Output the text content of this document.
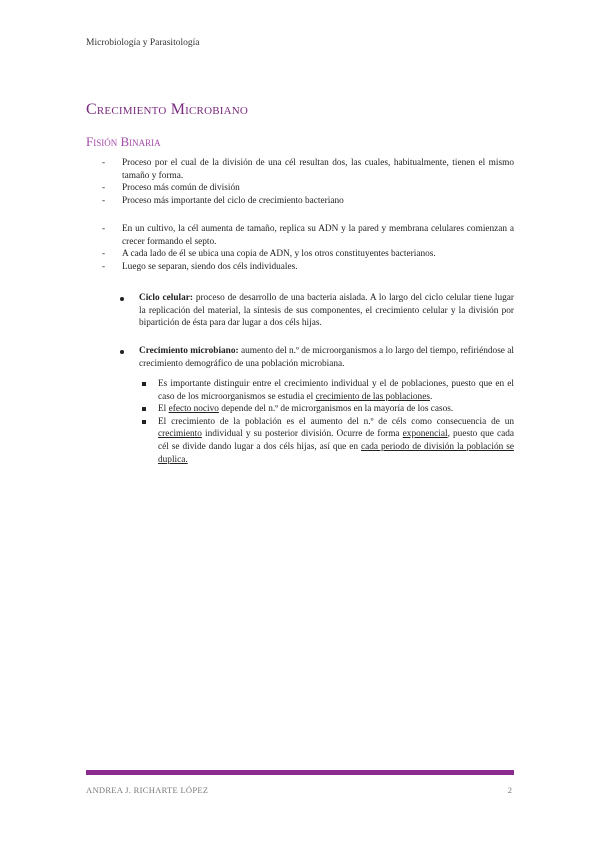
Microbiología y Parasitología
Crecimiento Microbiano
Fisión Binaria
- Proceso por el cual de la división de una cél resultan dos, las cuales, habitualmente, tienen el mismo tamaño y forma.
- Proceso más común de división
- Proceso más importante del ciclo de crecimiento bacteriano
- En un cultivo, la cél aumenta de tamaño, replica su ADN y la pared y membrana celulares comienzan a crecer formando el septo.
- A cada lado de él se ubica una copia de ADN, y los otros constituyentes bacterianos.
- Luego se separan, siendo dos céls individuales.
Ciclo celular: proceso de desarrollo de una bacteria aislada. A lo largo del ciclo celular tiene lugar la replicación del material, la síntesis de sus componentes, el crecimiento celular y la división por bipartición de ésta para dar lugar a dos céls hijas.
Crecimiento microbiano: aumento del n.º de microorganismos a lo largo del tiempo, refiriéndose al crecimiento demográfico de una población microbiana.
Es importante distinguir entre el crecimiento individual y el de poblaciones, puesto que en el caso de los microorganismos se estudia el crecimiento de las poblaciones.
El efecto nocivo depende del n.º de microrganismos en la mayoría de los casos.
El crecimiento de la población es el aumento del n.º de céls como consecuencia de un crecimiento individual y su posterior división. Ocurre de forma exponencial, puesto que cada cél se divide dando lugar a dos céls hijas, así que en cada periodo de división la población se duplica.
ANDREA J. RICHARTE LÓPEZ	2
